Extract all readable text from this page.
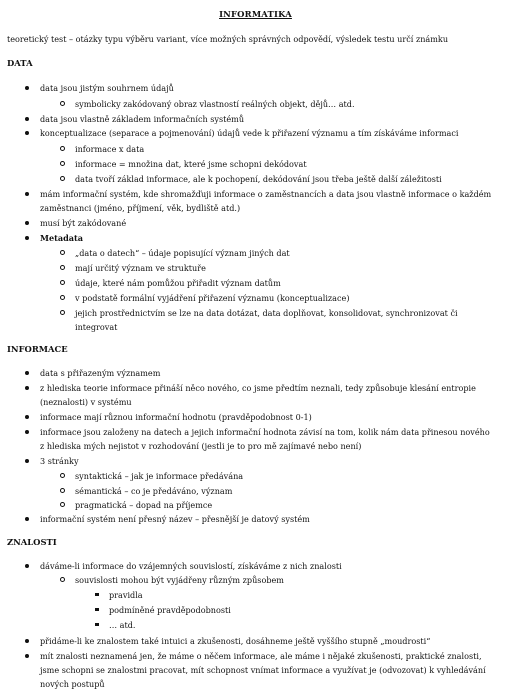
INFORMATIKA
teoretický test – otázky typu výběru variant, více možných správných odpovědí, výsledek testu určí známku
DATA
data jsou jistým souhrnem údajů
symbolicky zakódovaný obraz vlastností reálných objekt, dějů… atd.
data jsou vlastně základem informačních systémů
konceptualizace (separace a pojmenování) údajů vede k přiřazení významu a tím získáváme informaci
informace x data
informace = množina dat, které jsme schopni dekódovat
data tvoří základ informace, ale k pochopení, dekódování jsou třeba ještě další záležitosti
mám informační systém, kde shromažďuji informace o zaměstnancích a data jsou vlastně informace o každém
zaměstnanci (jméno, příjmení, věk, bydliště atd.)
musí být zakódované
Metadata
„data o datech“ – údaje popisující význam jiných dat
mají určitý význam ve struktuře
údaje, které nám pomůžou přiřadit význam datům
v podstatě formální vyjádření přiřazení významu (konceptualizace)
jejich prostřednictvím se lze na data dotázat, data doplňovat, konsolidovat, synchronizovat či
integrovat
INFORMACE
data s přiřazeným významem
z hlediska teorie informace přináší něco nového, co jsme předtím neznali, tedy způsobuje klesání entropie
(neznalosti) v systému
informace mají různou informační hodnotu (pravděpodobnost 0-1)
informace jsou založeny na datech a jejich informační hodnota závisí na tom, kolik nám data přinesou nového
z hlediska mých nejistot v rozhodování (jestli je to pro mě zajímavé nebo není)
3 stránky
syntaktická – jak je informace předávána
sémantická – co je předáváno, význam
pragmatická – dopad na příjemce
informační systém není přesný název – přesnější je datový systém
ZNALOSTI
dáváme-li informace do vzájemných souvislostí, získáváme z nich znalosti
souvislosti mohou být vyjádřeny různým způsobem
pravidla
podmíněné pravděpodobnosti
… atd.
přidáme-li ke znalostem také intuici a zkušenosti, dosáhneme ještě vyššího stupně „moudrosti“
mít znalosti neznamená jen, že máme o něčem informace, ale máme i nějaké zkušenosti, praktické znalosti,
jsme schopni se znalostmi pracovat, mít schopnost vnímat informace a využívat je (odvozovat) k vyhledávání
nových postupů
